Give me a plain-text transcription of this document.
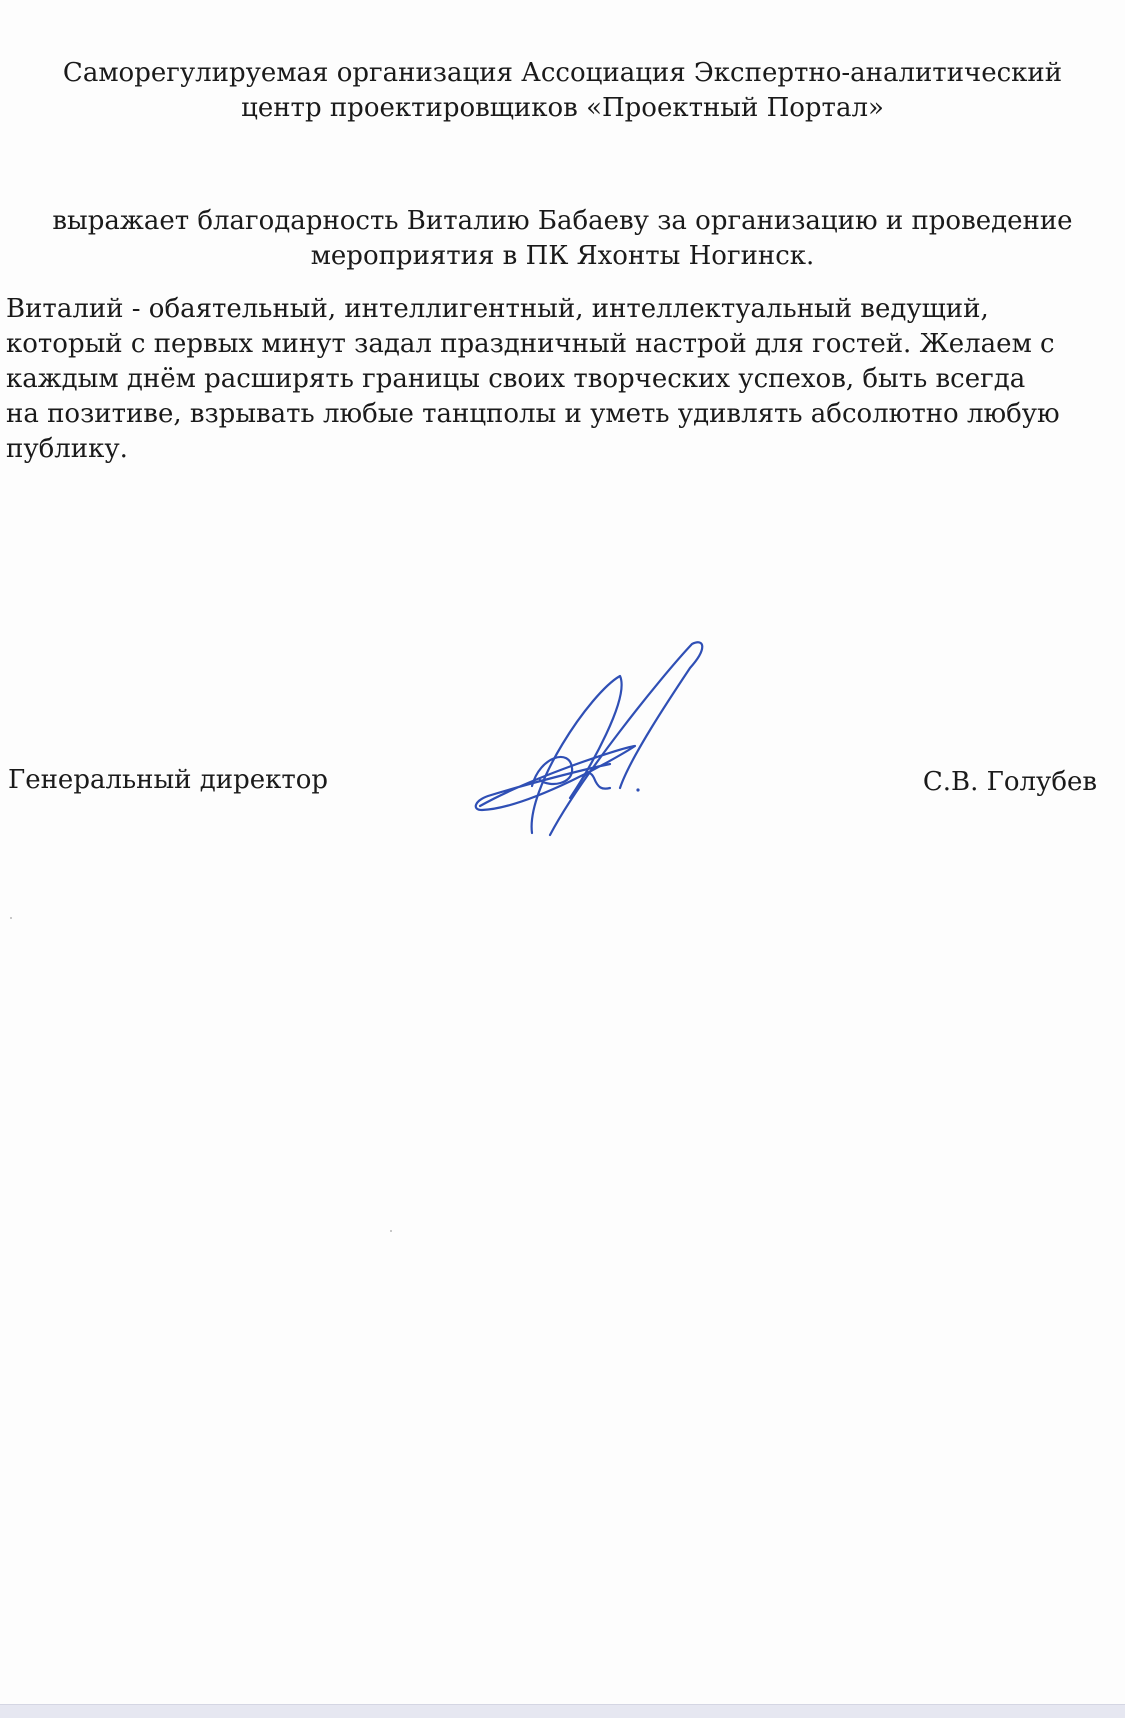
Саморегулируемая организация Ассоциация Экспертно-аналитический
центр проектировщиков «Проектный Портал»
выражает благодарность Виталию Бабаеву за организацию и проведение
мероприятия в ПК Яхонты Ногинск.
Виталий - обаятельный, интеллигентный, интеллектуальный ведущий,
который с первых минут задал праздничный настрой для гостей. Желаем с
каждым днём расширять границы своих творческих успехов, быть всегда
на позитиве, взрывать любые танцполы и уметь удивлять абсолютно любую
публику.
Генеральный директор	С.В. Голубев
